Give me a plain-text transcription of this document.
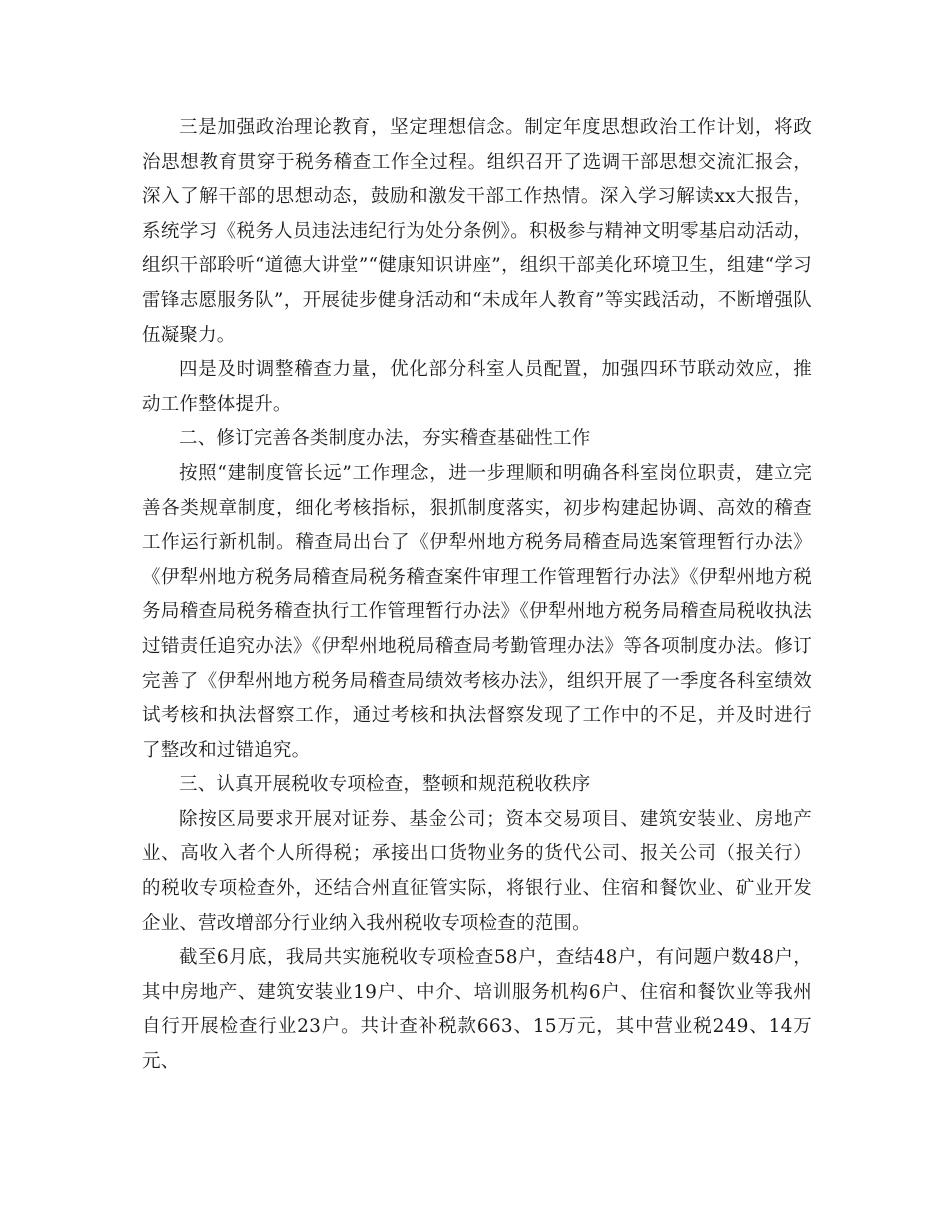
三是加强政治理论教育，坚定理想信念。制定年度思想政治工作计划，将政治思想教育贯穿于税务稽查工作全过程。组织召开了选调干部思想交流汇报会，深入了解干部的思想动态，鼓励和激发干部工作热情。深入学习解读xx大报告，系统学习《税务人员违法违纪行为处分条例》。积极参与精神文明零基启动活动，组织干部聆听“道德大讲堂”“健康知识讲座”，组织干部美化环境卫生，组建“学习雷锋志愿服务队”，开展徒步健身活动和“未成年人教育”等实践活动，不断增强队伍凝聚力。

四是及时调整稽查力量，优化部分科室人员配置，加强四环节联动效应，推动工作整体提升。

二、修订完善各类制度办法，夯实稽查基础性工作

按照“建制度管长远”工作理念，进一步理顺和明确各科室岗位职责，建立完善各类规章制度，细化考核指标，狠抓制度落实，初步构建起协调、高效的稽查工作运行新机制。稽查局出台了《伊犁州地方税务局稽查局选案管理暂行办法》《伊犁州地方税务局稽查局税务稽查案件审理工作管理暂行办法》《伊犁州地方税务局稽查局税务稽查执行工作管理暂行办法》《伊犁州地方税务局稽查局税收执法过错责任追究办法》《伊犁州地税局稽查局考勤管理办法》等各项制度办法。修订完善了《伊犁州地方税务局稽查局绩效考核办法》，组织开展了一季度各科室绩效试考核和执法督察工作，通过考核和执法督察发现了工作中的不足，并及时进行了整改和过错追究。

三、认真开展税收专项检查，整顿和规范税收秩序

除按区局要求开展对证券、基金公司；资本交易项目、建筑安装业、房地产业、高收入者个人所得税；承接出口货物业务的货代公司、报关公司（报关行）的税收专项检查外，还结合州直征管实际，将银行业、住宿和餐饮业、矿业开发企业、营改增部分行业纳入我州税收专项检查的范围。

截至6月底，我局共实施税收专项检查58户，查结48户，有问题户数48户，其中房地产、建筑安装业19户、中介、培训服务机构6户、住宿和餐饮业等我州自行开展检查行业23户。共计查补税款663、15万元，其中营业税249、14万元、
